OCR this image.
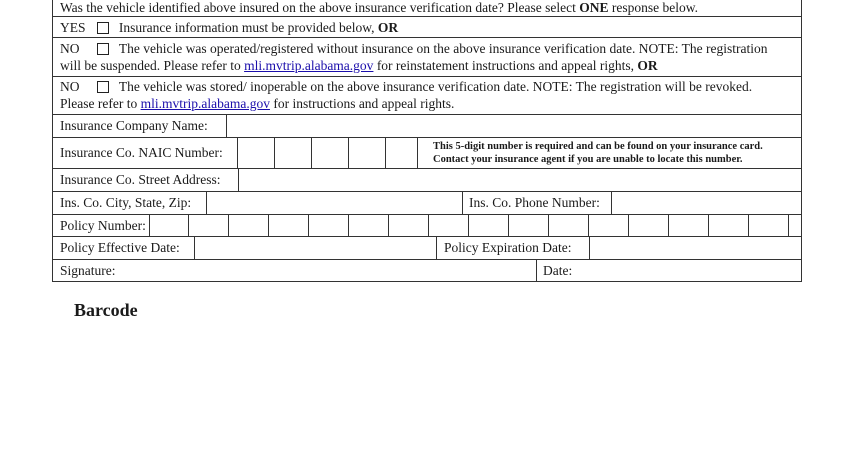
Was the vehicle identified above insured on the above insurance verification date? Please select ONE response below.
YES Insurance information must be provided below, OR
NO	The vehicle was operated/registered without insurance on the above insurance verification date. NOTE: The registration
will be suspended. Please refer to mli.mvtrip.alabama.gov for reinstatement instructions and appeal rights, OR
NO	The vehicle was stored/ inoperable on the above insurance verification date. NOTE: The registration will be revoked.
Please refer to mli.mvtrip.alabama.gov for instructions and appeal rights.
Insurance Company Name:
Insurance Co. NAIC Number:	This 5-digit number is required and can be found on your insurance card.
Contact your insurance agent if you are unable to locate this number.
Insurance Co. Street Address:
Ins. Co. City, State, Zip:	Ins. Co. Phone Number:
Policy Number:
Policy Effective Date:	Policy Expiration Date:
Signature:	Date:
Barcode
